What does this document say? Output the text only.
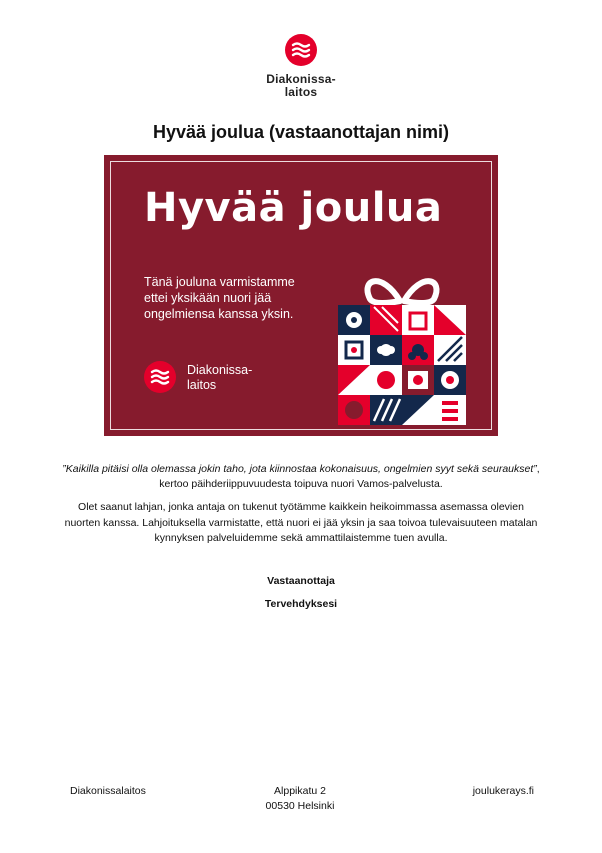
Diakonissa-
laitos
Hyvää joulua (vastaanottajan nimi)
Hyvää joulua
Tänä jouluna varmistamme
ettei yksikään nuori jää
ongelmiensa kanssa yksin.
Diakonissa-
laitos
”Kaikilla pitäisi olla olemassa jokin taho, jota kiinnostaa kokonaisuus, ongelmien syyt sekä seuraukset”, kertoo päihderiippuvuudesta toipuva nuori Vamos-palvelusta.
Olet saanut lahjan, jonka antaja on tukenut työtämme kaikkein heikoimmassa asemassa olevien nuorten kanssa. Lahjoituksella varmistatte, että nuori ei jää yksin ja saa toivoa tulevaisuuteen matalan kynnyksen palveluidemme sekä ammattilaistemme tuen avulla.
Vastaanottaja
Tervehdyksesi
Diakonissalaitos	Alppikatu 2
00530 Helsinki
joulukerays.fi
